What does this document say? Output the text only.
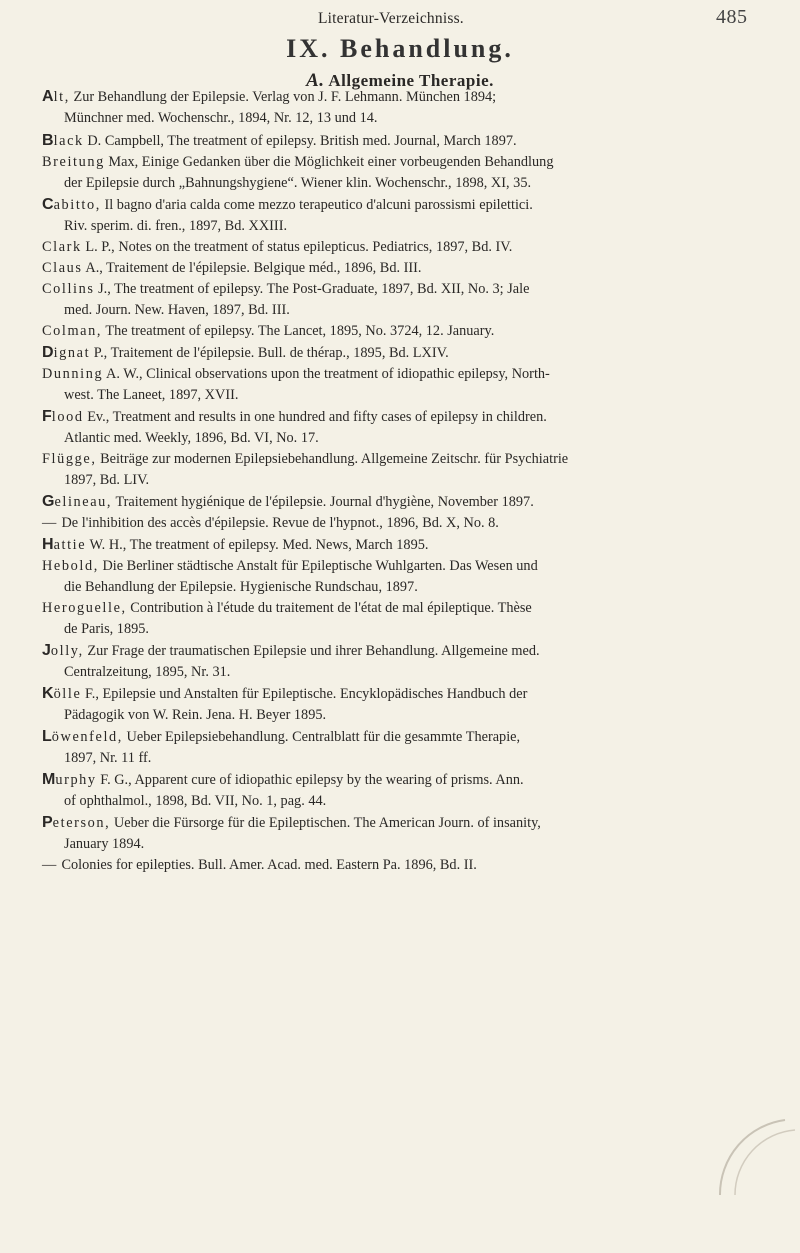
Literatur-Verzeichniss.	485
IX. Behandlung.
A. Allgemeine Therapie.
Alt, Zur Behandlung der Epilepsie. Verlag von J. F. Lehmann. München 1894;
Münchner med. Wochenschr., 1894, Nr. 12, 13 und 14.
Black D. Campbell, The treatment of epilepsy. British med. Journal, March 1897.
Breitung Max, Einige Gedanken über die Möglichkeit einer vorbeugenden Behandlung
der Epilepsie durch „Bahnungshygiene“. Wiener klin. Wochenschr., 1898, XI, 35.
Cabitto, Il bagno d'aria calda come mezzo terapeutico d'alcuni parossismi epilettici.
Riv. sperim. di. fren., 1897, Bd. XXIII.
Clark L. P., Notes on the treatment of status epilepticus. Pediatrics, 1897, Bd. IV.
Claus A., Traitement de l'épilepsie. Belgique méd., 1896, Bd. III.
Collins J., The treatment of epilepsy. The Post-Graduate, 1897, Bd. XII, No. 3; Jale
med. Journ. New. Haven, 1897, Bd. III.
Colman, The treatment of epilepsy. The Lancet, 1895, No. 3724, 12. January.
Dignat P., Traitement de l'épilepsie. Bull. de thérap., 1895, Bd. LXIV.
Dunning A. W., Clinical observations upon the treatment of idiopathic epilepsy, North-
west. The Laneet, 1897, XVII.
Flood Ev., Treatment and results in one hundred and fifty cases of epilepsy in children.
Atlantic med. Weekly, 1896, Bd. VI, No. 17.
Flügge, Beiträge zur modernen Epilepsiebehandlung. Allgemeine Zeitschr. für Psychiatrie
1897, Bd. LIV.
Gelineau, Traitement hygiénique de l'épilepsie. Journal d'hygiène, November 1897.
— De l'inhibition des accès d'épilepsie. Revue de l'hypnot., 1896, Bd. X, No. 8.
Hattie W. H., The treatment of epilepsy. Med. News, March 1895.
Hebold, Die Berliner städtische Anstalt für Epileptische Wuhlgarten. Das Wesen und
die Behandlung der Epilepsie. Hygienische Rundschau, 1897.
Heroguelle, Contribution à l'étude du traitement de l'état de mal épileptique. Thèse
de Paris, 1895.
Jolly, Zur Frage der traumatischen Epilepsie und ihrer Behandlung. Allgemeine med.
Centralzeitung, 1895, Nr. 31.
Kölle F., Epilepsie und Anstalten für Epileptische. Encyklopädisches Handbuch der
Pädagogik von W. Rein. Jena. H. Beyer 1895.
Löwenfeld, Ueber Epilepsiebehandlung. Centralblatt für die gesammte Therapie,
1897, Nr. 11 ff.
Murphy F. G., Apparent cure of idiopathic epilepsy by the wearing of prisms. Ann.
of ophthalmol., 1898, Bd. VII, No. 1, pag. 44.
Peterson, Ueber die Fürsorge für die Epileptischen. The American Journ. of insanity,
January 1894.
— Colonies for epilepties. Bull. Amer. Acad. med. Eastern Pa. 1896, Bd. II.
